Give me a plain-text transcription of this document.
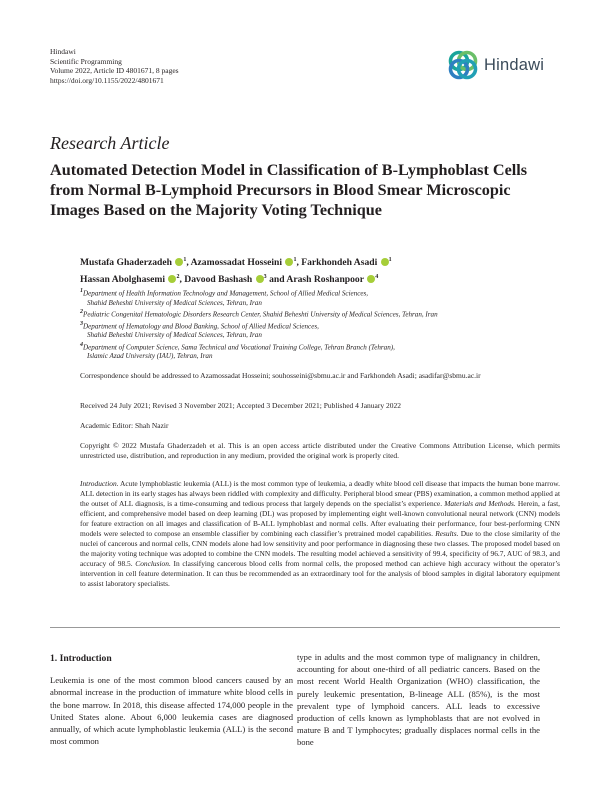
Hindawi
Scientific Programming
Volume 2022, Article ID 4801671, 8 pages
https://doi.org/10.1155/2022/4801671
Hindawi
Research Article
Automated Detection Model in Classification of B-Lymphoblast Cells from Normal B-Lymphoid Precursors in Blood Smear Microscopic Images Based on the Majority Voting Technique
Mustafa Ghaderzadeh $^1$, Azamossadat Hosseini $^1$, Farkhondeh Asadi $^1$
Hassan Abolghasemi $^2$, Davood Bashash $^3$ and Arash Roshanpoor $^4$
$^1$Department of Health Information Technology and Management, School of Allied Medical Sciences,
Shahid Beheshti University of Medical Sciences, Tehran, Iran
$^2$Pediatric Congenital Hematologic Disorders Research Center, Shahid Beheshti University of Medical Sciences, Tehran, Iran
$^3$Department of Hematology and Blood Banking, School of Allied Medical Sciences,
Shahid Beheshti University of Medical Sciences, Tehran, Iran
$^4$Department of Computer Science, Sama Technical and Vocational Training College, Tehran Branch (Tehran),
Islamic Azad University (IAU), Tehran, Iran
Correspondence should be addressed to Azamossadat Hosseini; souhosseini@sbmu.ac.ir and Farkhondeh Asadi; asadifar@sbmu.ac.ir
Received 24 July 2021; Revised 3 November 2021; Accepted 3 December 2021; Published 4 January 2022
Academic Editor: Shah Nazir
Copyright © 2022 Mustafa Ghaderzadeh et al. This is an open access article distributed under the Creative Commons Attribution License, which permits unrestricted use, distribution, and reproduction in any medium, provided the original work is properly cited.
Introduction. Acute lymphoblastic leukemia (ALL) is the most common type of leukemia, a deadly white blood cell disease that impacts the human bone marrow. ALL detection in its early stages has always been riddled with complexity and difficulty. Peripheral blood smear (PBS) examination, a common method applied at the outset of ALL diagnosis, is a time-consuming and tedious process that largely depends on the specialist’s experience. Materials and Methods. Herein, a fast, efficient, and comprehensive model based on deep learning (DL) was proposed by implementing eight well-known convolutional neural network (CNN) models for feature extraction on all images and classification of B-ALL lymphoblast and normal cells. After evaluating their performance, four best-performing CNN models were selected to compose an ensemble classifier by combining each classifier’s pretrained model capabilities. Results. Due to the close similarity of the nuclei of cancerous and normal cells, CNN models alone had low sensitivity and poor performance in diagnosing these two classes. The proposed model based on the majority voting technique was adopted to combine the CNN models. The resulting model achieved a sensitivity of 99.4, specificity of 96.7, AUC of 98.3, and accuracy of 98.5. Conclusion. In classifying cancerous blood cells from normal cells, the proposed method can achieve high accuracy without the operator’s intervention in cell feature determination. It can thus be recommended as an extraordinary tool for the analysis of blood samples in digital laboratory equipment to assist laboratory specialists.
1. Introduction
Leukemia is one of the most common blood cancers caused by an abnormal increase in the production of immature white blood cells in the bone marrow. In 2018, this disease affected 174,000 people in the United States alone. About 6,000 leukemia cases are diagnosed annually, of which acute lymphoblastic leukemia (ALL) is the second most common
type in adults and the most common type of malignancy in children, accounting for about one-third of all pediatric cancers. Based on the most recent World Health Organization (WHO) classification, the purely leukemic presentation, B-lineage ALL (85%), is the most prevalent type of lymphoid cancers. ALL leads to excessive production of cells known as lymphoblasts that are not evolved in mature B and T lymphocytes; gradually displaces normal cells in the bone
